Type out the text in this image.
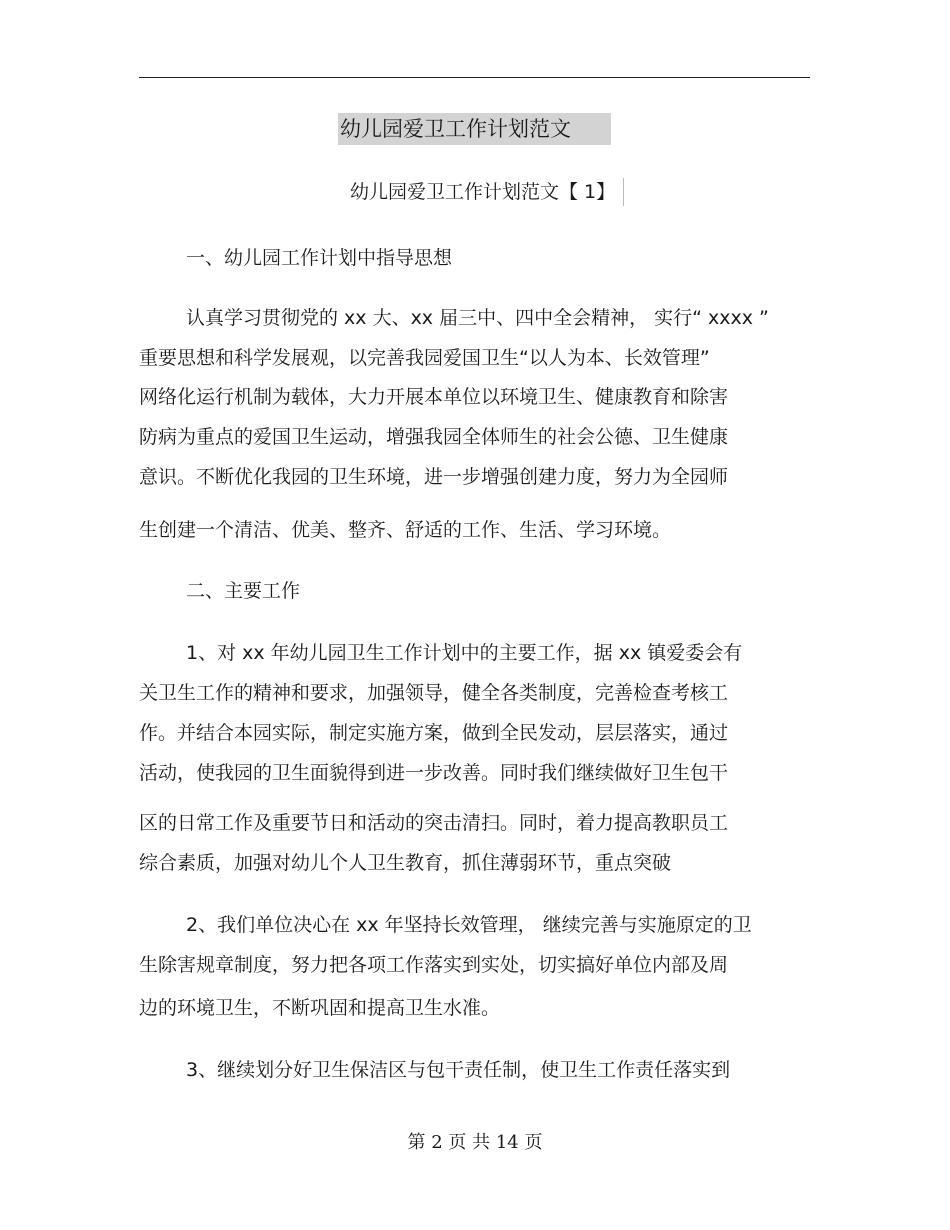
幼儿园爱卫工作计划范文
幼儿园爱卫工作计划范文【 1】
一、幼儿园工作计划中指导思想
认真学习贯彻党的 xx 大、xx 届三中、四中全会精神， 实行“ xxxx ”
重要思想和科学发展观，以完善我园爱国卫生“以人为本、长效管理”
网络化运行机制为载体，大力开展本单位以环境卫生、健康教育和除害
防病为重点的爱国卫生运动，增强我园全体师生的社会公德、卫生健康
意识。不断优化我园的卫生环境，进一步增强创建力度，努力为全园师
生创建一个清洁、优美、整齐、舒适的工作、生活、学习环境。
二、主要工作
1、对 xx 年幼儿园卫生工作计划中的主要工作，据 xx 镇爱委会有
关卫生工作的精神和要求，加强领导，健全各类制度，完善检查考核工
作。并结合本园实际，制定实施方案，做到全民发动，层层落实，通过
活动，使我园的卫生面貌得到进一步改善。同时我们继续做好卫生包干
区的日常工作及重要节日和活动的突击清扫。同时，着力提高教职员工
综合素质，加强对幼儿个人卫生教育，抓住薄弱环节，重点突破
2、我们单位决心在 xx 年坚持长效管理， 继续完善与实施原定的卫
生除害规章制度，努力把各项工作落实到实处，切实搞好单位内部及周
边的环境卫生，不断巩固和提高卫生水准。
3、继续划分好卫生保洁区与包干责任制，使卫生工作责任落实到
第 2 页 共 14 页
